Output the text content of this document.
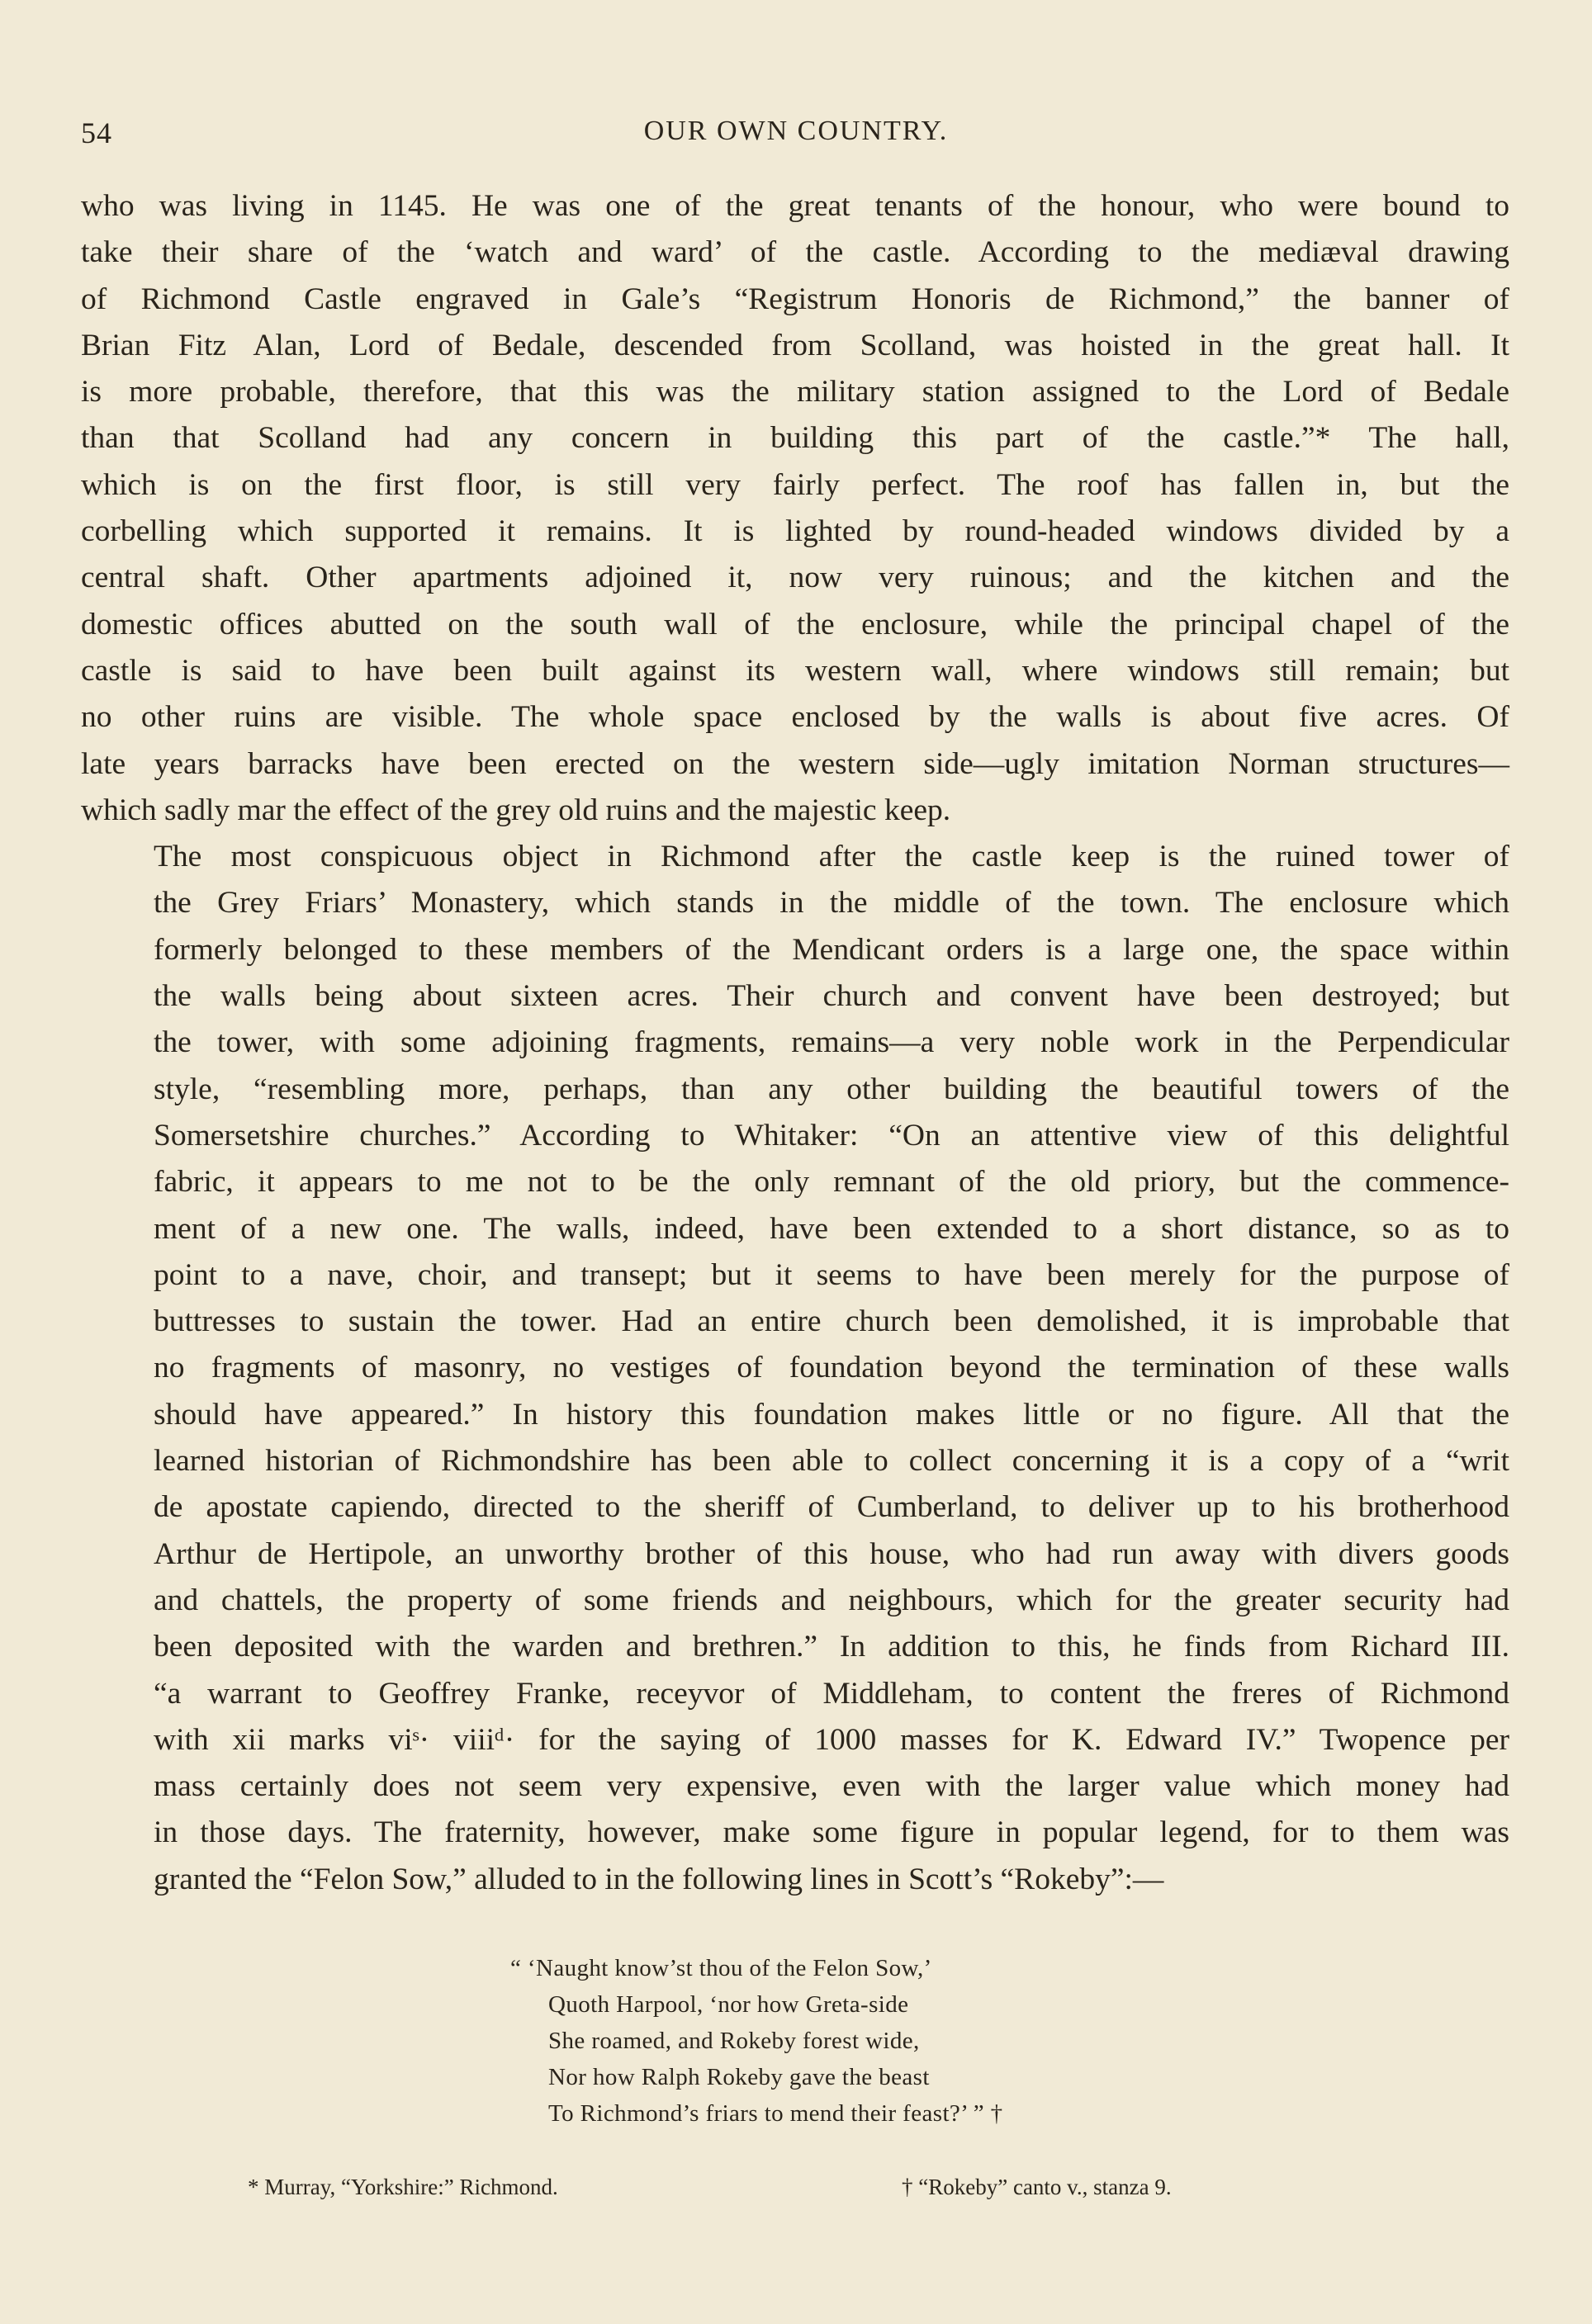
54	OUR OWN COUNTRY.

who was living in 1145. He was one of the great tenants of the honour, who were bound to
take their share of the ‘watch and ward’ of the castle. According to the mediæval drawing
of Richmond Castle engraved in Gale’s “Registrum Honoris de Richmond,” the banner of
Brian Fitz Alan, Lord of Bedale, descended from Scolland, was hoisted in the great hall. It
is more probable, therefore, that this was the military station assigned to the Lord of Bedale
than that Scolland had any concern in building this part of the castle.”* The hall,
which is on the first floor, is still very fairly perfect. The roof has fallen in, but the
corbelling which supported it remains. It is lighted by round-headed windows divided by a
central shaft. Other apartments adjoined it, now very ruinous; and the kitchen and the
domestic offices abutted on the south wall of the enclosure, while the principal chapel of the
castle is said to have been built against its western wall, where windows still remain; but
no other ruins are visible. The whole space enclosed by the walls is about five acres. Of
late years barracks have been erected on the western side—ugly imitation Norman structures—
which sadly mar the effect of the grey old ruins and the majestic keep.

The most conspicuous object in Richmond after the castle keep is the ruined tower of
the Grey Friars’ Monastery, which stands in the middle of the town. The enclosure which
formerly belonged to these members of the Mendicant orders is a large one, the space within
the walls being about sixteen acres. Their church and convent have been destroyed; but
the tower, with some adjoining fragments, remains—a very noble work in the Perpendicular
style, “resembling more, perhaps, than any other building the beautiful towers of the
Somersetshire churches.” According to Whitaker: “On an attentive view of this delightful
fabric, it appears to me not to be the only remnant of the old priory, but the commence-
ment of a new one. The walls, indeed, have been extended to a short distance, so as to
point to a nave, choir, and transept; but it seems to have been merely for the purpose of
buttresses to sustain the tower. Had an entire church been demolished, it is improbable that
no fragments of masonry, no vestiges of foundation beyond the termination of these walls
should have appeared.” In history this foundation makes little or no figure. All that the
learned historian of Richmondshire has been able to collect concerning it is a copy of a “writ
de apostate capiendo, directed to the sheriff of Cumberland, to deliver up to his brotherhood
Arthur de Hertipole, an unworthy brother of this house, who had run away with divers goods
and chattels, the property of some friends and neighbours, which for the greater security had
been deposited with the warden and brethren.” In addition to this, he finds from Richard III.
“a warrant to Geoffrey Franke, receyvor of Middleham, to content the freres of Richmond
with xii marks viˢ· viiiᵈ· for the saying of 1000 masses for K. Edward IV.” Twopence per
mass certainly does not seem very expensive, even with the larger value which money had
in those days. The fraternity, however, make some figure in popular legend, for to them was
granted the “Felon Sow,” alluded to in the following lines in Scott’s “Rokeby”:—

“ ‘Naught know’st thou of the Felon Sow,’
Quoth Harpool, ‘nor how Greta-side
She roamed, and Rokeby forest wide,
Nor how Ralph Rokeby gave the beast
To Richmond’s friars to mend their feast?’ ” †
* Murray, “Yorkshire:” Richmond.	† “Rokeby” canto v., stanza 9.
